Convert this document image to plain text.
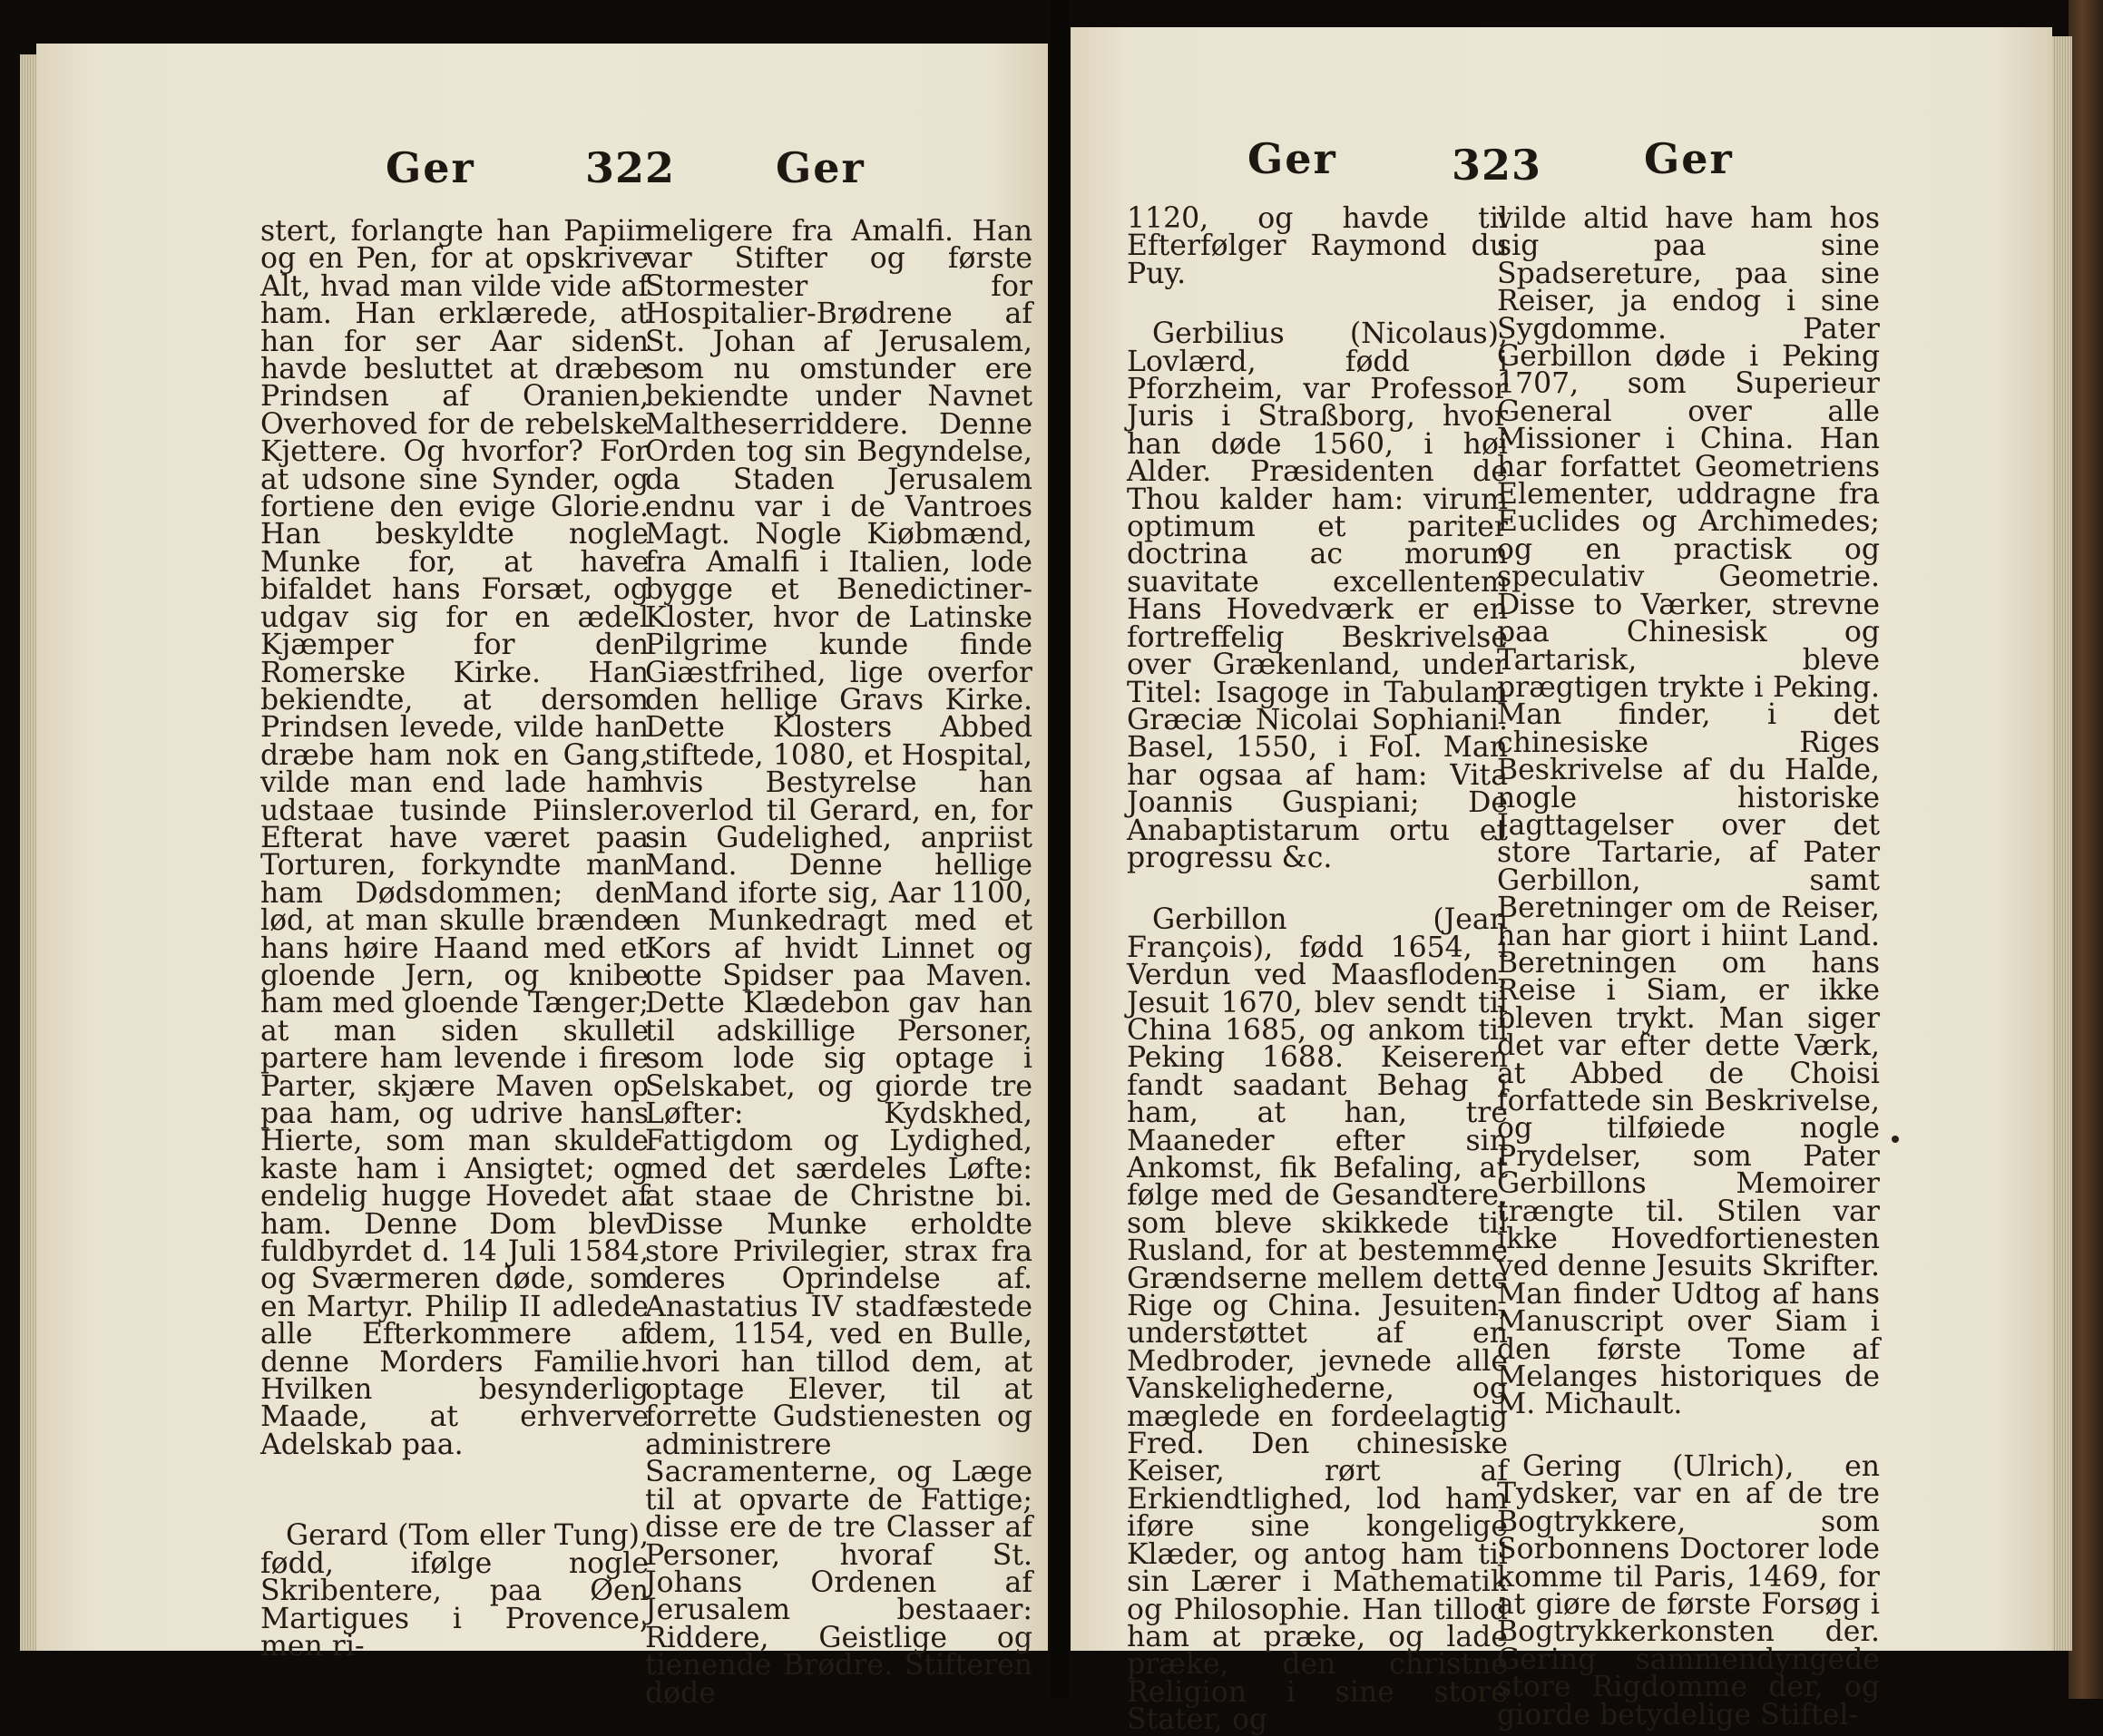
Ger	322 Ger

stert, forlangte han Papiir og en Pen, for at opskrive Alt, hvad man vilde vide af ham. Han erklærede, at han for ser Aar siden havde besluttet at dræbe Prindsen af Oranien, Overhoved for de rebelske Kjettere. Og hvorfor? For at udsone sine Synder, og fortiene den evige Glorie. Han beskyldte nogle Munke for, at have bifaldet hans Forsæt, og udgav sig for en ædel Kjæmper for den Romerske Kirke. Han bekiendte, at dersom Prindsen levede, vilde han dræbe ham nok en Gang, vilde man end lade ham udstaae tusinde Piinsler. Efterat have været paa Torturen, forkyndte man ham Dødsdommen; den lød, at man skulle brænde hans høire Haand med et gloende Jern, og knibe ham med gloende Tænger; at man siden skulle partere ham levende i fire Parter, skjære Maven op paa ham, og udrive hans Hierte, som man skulde kaste ham i Ansigtet; og endelig hugge Hovedet af ham. Denne Dom blev fuldbyrdet d. 14 Juli 1584, og Sværmeren døde, som en Martyr. Philip II adlede alle Efterkommere af denne Morders Familie. Hvilken besynderlig Maade, at erhverve Adelskab paa.

Gerard (Tom eller Tung), fødd, ifølge nogle Skribentere, paa Øen Martigues i Provence, men ri-

meligere fra Amalfi. Han var Stifter og første Stormester for Hospitalier-Brødrene af St. Johan af Jerusalem, som nu omstunder ere bekiendte under Navnet Maltheserriddere. Denne Orden tog sin Begyndelse, da Staden Jerusalem endnu var i de Vantroes Magt. Nogle Kiøbmænd, fra Amalfi i Italien, lode bygge et Benedictiner-Kloster, hvor de Latinske Pilgrime kunde finde Giæstfrihed, lige overfor den hellige Gravs Kirke. Dette Klosters Abbed stiftede, 1080, et Hospital, hvis Bestyrelse han overlod til Gerard, en, for sin Gudelighed, anpriist Mand. Denne hellige Mand iforte sig, Aar 1100, en Munkedragt med et Kors af hvidt Linnet og otte Spidser paa Maven. Dette Klædebon gav han til adskillige Personer, som lode sig optage i Selskabet, og giorde tre Løfter: Kydskhed, Fattigdom og Lydighed, med det særdeles Løfte: at staae de Christne bi. Disse Munke erholdte store Privilegier, strax fra deres Oprindelse af. Anastatius IV stadfæstede dem, 1154, ved en Bulle, hvori han tillod dem, at optage Elever, til at forrette Gudstienesten og administrere Sacramenterne, og Læge til at opvarte de Fattige; disse ere de tre Classer af Personer, hvoraf St. Johans Ordenen af Jerusalem bestaaer: Riddere, Geistlige og tienende Brødre. Stifteren døde

Ger	323 Ger

1120, og havde til Efterfølger Raymond du Puy.

Gerbilius (Nicolaus), Lovlærd, fødd i Pforzheim, var Professor Juris i Straßborg, hvor han døde 1560, i høi Alder. Præsidenten de Thou kalder ham: virum optimum et pariter doctrina ac morum suavitate excellentem Hans Hovedværk er en fortreffelig Beskrivelse over Grækenland, under Titel: Isagoge in Tabulam Græciæ Nicolai Sophiani. Basel, 1550, i Fol. Man har ogsaa af ham: Vita Joannis Guspiani; De Anabaptistarum ortu et progressu &c.

Gerbillon (Jean François), fødd 1654, i Verdun ved Maasfloden, Jesuit 1670, blev sendt til China 1685, og ankom til Peking 1688. Keiseren fandt saadant Behag i ham, at han, tre Maaneder efter sin Ankomst, fik Befaling, at følge med de Gesandtere, som bleve skikkede til Rusland, for at bestemme Grændserne mellem dette Rige og China. Jesuiten, understøttet af en Medbroder, jevnede alle Vanskelighederne, og mæglede en fordeelagtig Fred. Den chinesiske Keiser, rørt af Erkiendtlighed, lod ham iføre sine kongelige Klæder, og antog ham til sin Lærer i Mathematik og Philosophie. Han tillod ham at præke, og lade præke, den christne Religion i sine store Stater, og

vilde altid have ham hos sig paa sine Spadsereture, paa sine Reiser, ja endog i sine Sygdomme. Pater Gerbillon døde i Peking 1707, som Superieur General over alle Missioner i China. Han har forfattet Geometriens Elementer, uddragne fra Euclides og Archimedes; og en practisk og speculativ Geometrie. Disse to Værker, strevne paa Chinesisk og Tartarisk, bleve prægtigen trykte i Peking. Man finder, i det chinesiske Riges Beskrivelse af du Halde, nogle historiske Jagttagelser over det store Tartarie, af Pater Gerbillon, samt Beretninger om de Reiser, han har giort i hiint Land. Beretningen om hans Reise i Siam, er ikke bleven trykt. Man siger det var efter dette Værk, at Abbed de Choisi forfattede sin Beskrivelse, og tilføiede nogle Prydelser, som Pater Gerbillons Memoirer trængte til. Stilen var ikke Hovedfortienesten ved denne Jesuits Skrifter. Man finder Udtog af hans Manuscript over Siam i den første Tome af Melanges historiques de M. Michault.

Gering (Ulrich), en Tydsker, var en af de tre Bogtrykkere, som Sorbonnens Doctorer lode komme til Paris, 1469, for at giøre de første Forsøg i Bogtrykkerkonsten der. Gering sammendyngede store Rigdomme der, og giorde betydelige Stiftel-
